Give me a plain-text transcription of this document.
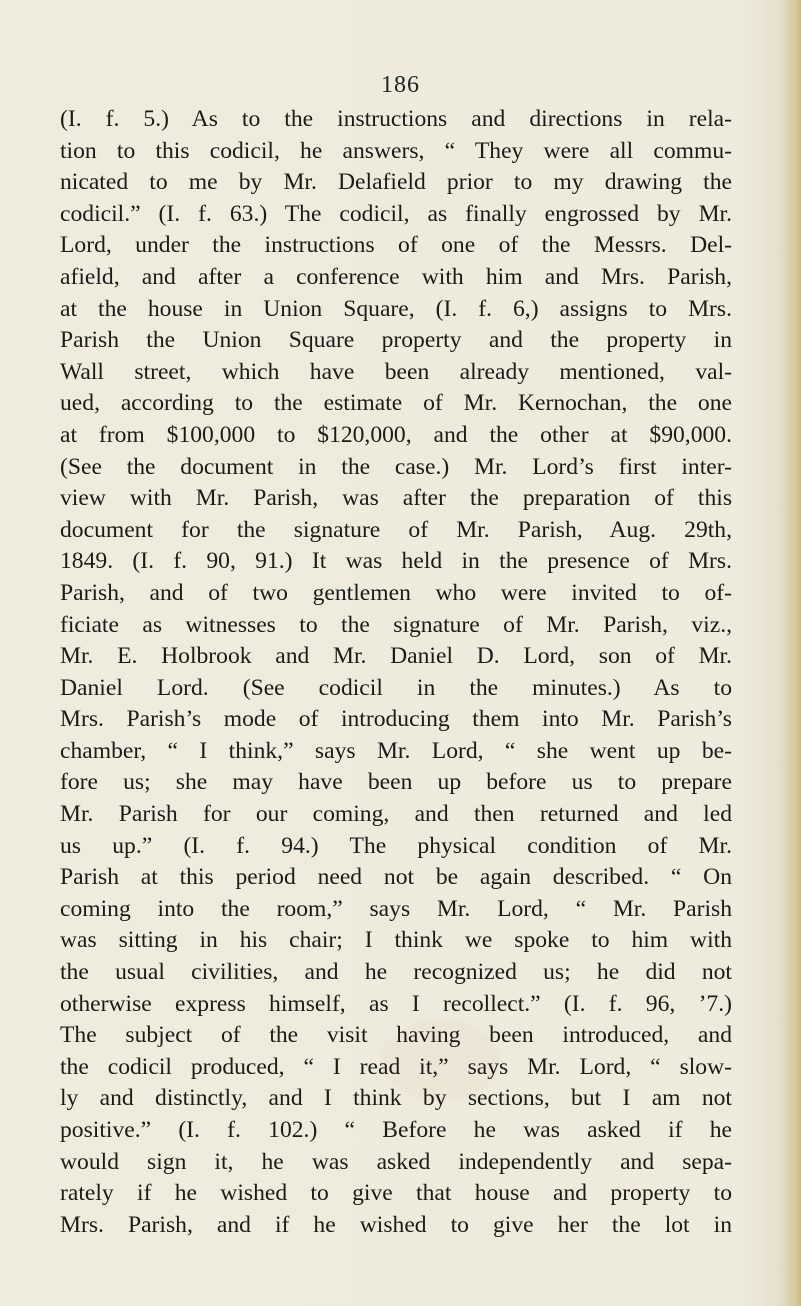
186
(I. f. 5.) As to the instructions and directions in rela-
tion to this codicil, he answers, “ They were all commu-
nicated to me by Mr. Delafield prior to my drawing the
codicil.” (I. f. 63.) The codicil, as finally engrossed by Mr.
Lord, under the instructions of one of the Messrs. Del-
afield, and after a conference with him and Mrs. Parish,
at the house in Union Square, (I. f. 6,) assigns to Mrs.
Parish the Union Square property and the property in
Wall street, which have been already mentioned, val-
ued, according to the estimate of Mr. Kernochan, the one
at from $100,000 to $120,000, and the other at $90,000.
(See the document in the case.) Mr. Lord’s first inter-
view with Mr. Parish, was after the preparation of this
document for the signature of Mr. Parish, Aug. 29th,
1849. (I. f. 90, 91.) It was held in the presence of Mrs.
Parish, and of two gentlemen who were invited to of-
ficiate as witnesses to the signature of Mr. Parish, viz.,
Mr. E. Holbrook and Mr. Daniel D. Lord, son of Mr.
Daniel Lord. (See codicil in the minutes.) As to
Mrs. Parish’s mode of introducing them into Mr. Parish’s
chamber, “ I think,” says Mr. Lord, “ she went up be-
fore us; she may have been up before us to prepare
Mr. Parish for our coming, and then returned and led
us up.” (I. f. 94.) The physical condition of Mr.
Parish at this period need not be again described. “ On
coming into the room,” says Mr. Lord, “ Mr. Parish
was sitting in his chair; I think we spoke to him with
the usual civilities, and he recognized us; he did not
otherwise express himself, as I recollect.” (I. f. 96, ’7.)
The subject of the visit having been introduced, and
the codicil produced, “ I read it,” says Mr. Lord, “ slow-
ly and distinctly, and I think by sections, but I am not
positive.” (I. f. 102.) “ Before he was asked if he
would sign it, he was asked independently and sepa-
rately if he wished to give that house and property to
Mrs. Parish, and if he wished to give her the lot in
